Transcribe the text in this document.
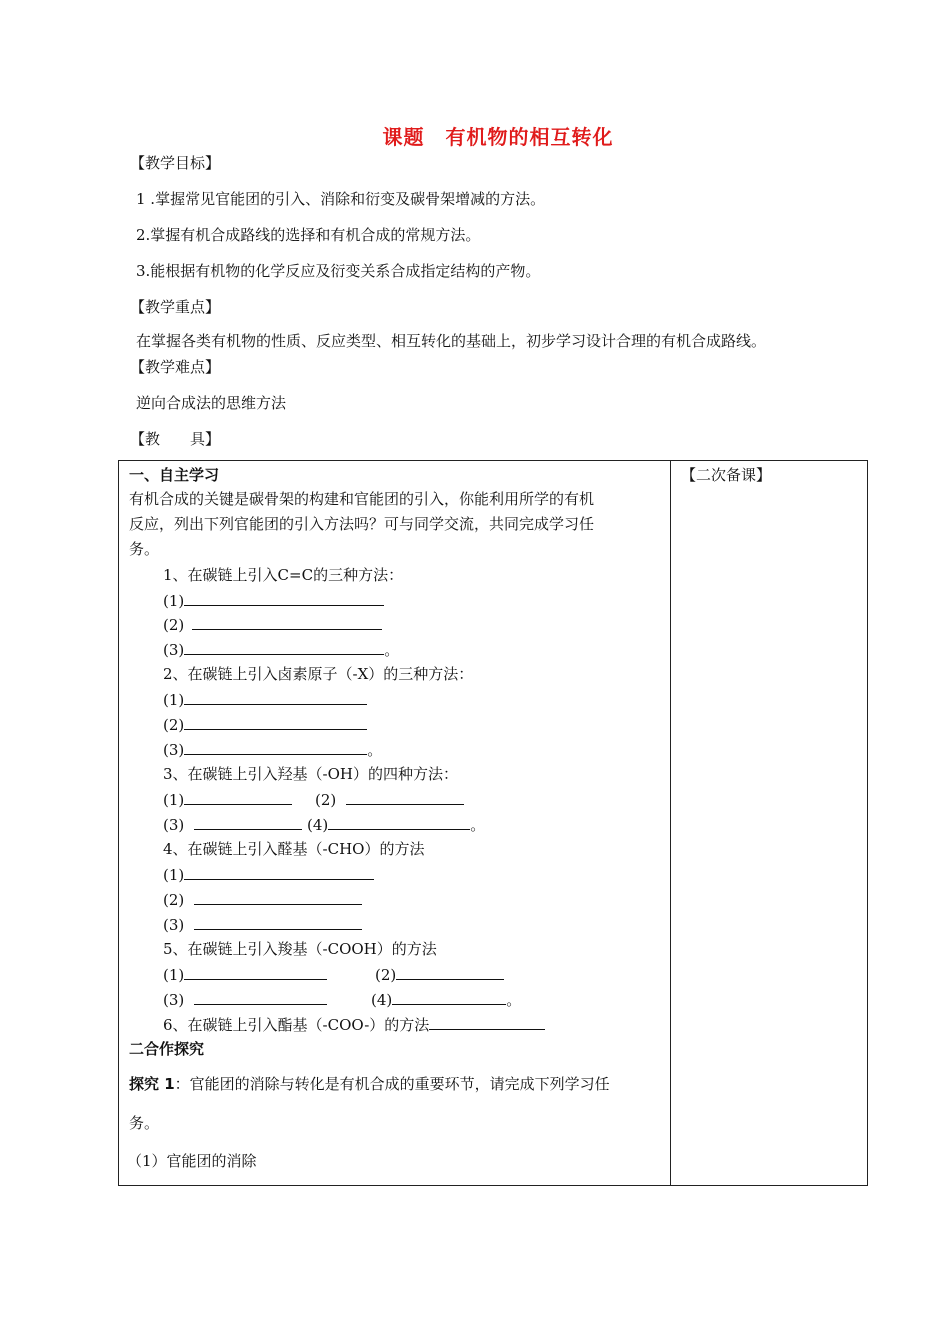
课题　有机物的相互转化
【教学目标】
1 .掌握常见官能团的引入、消除和衍变及碳骨架增减的方法。
2.掌握有机合成路线的选择和有机合成的常规方法。
3.能根据有机物的化学反应及衍变关系合成指定结构的产物。
【教学重点】
在掌握各类有机物的性质、反应类型、相互转化的基础上，初步学习设计合理的有机合成路线。
【教学难点】
逆向合成法的思维方法
【教　　具】
一、自主学习
有机合成的关键是碳骨架的构建和官能团的引入，你能利用所学的有机
反应，列出下列官能团的引入方法吗？可与同学交流，共同完成学习任
务。
1、在碳链上引入C=C的三种方法：
(1)
(2)
(3)	。
2、在碳链上引入卤素原子（-X）的三种方法：
(1)
(2)
(3)	。
3、在碳链上引入羟基（-OH）的四种方法：
(1)	(2)
(3)	(4)	。
4、在碳链上引入醛基（-CHO）的方法
(1)
(2)
(3)
5、在碳链上引入羧基（-COOH）的方法
(1)	(2)
(3)	(4)	。
6、在碳链上引入酯基（-COO-）的方法
二合作探究
探究 1：官能团的消除与转化是有机合成的重要环节，请完成下列学习任
务。
（1）官能团的消除

【二次备课】
